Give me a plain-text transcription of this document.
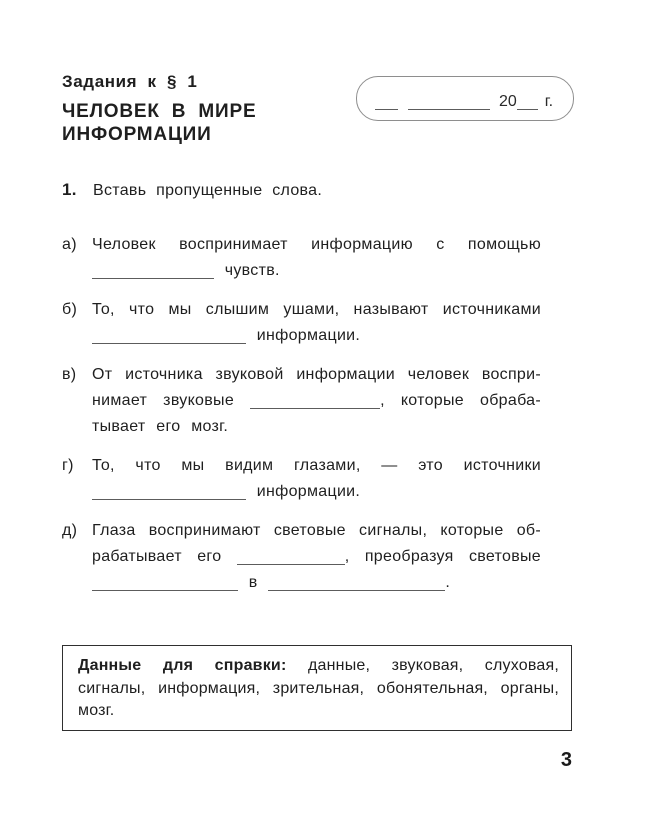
20 г.
Задания к § 1
ЧЕЛОВЕК В МИРЕ
ИНФОРМАЦИИ
1. Вставь пропущенные слова.
а) Человек воспринимает информацию с помощью
чувств.
б) То, что мы слышим ушами, называют источниками
информации.
в) От источника звуковой информации человек воспри-
нимает звуковые	, которые обраба-
тывает его мозг.
г)	То, что мы видим глазами, — это источники
информации.
д) Глаза воспринимают световые сигналы, которые об-
рабатывает его	, преобразуя световые
в	.
Данные для справки: данные, звуковая, слуховая,
сигналы, информация, зрительная, обонятельная, органы,
мозг.
3
